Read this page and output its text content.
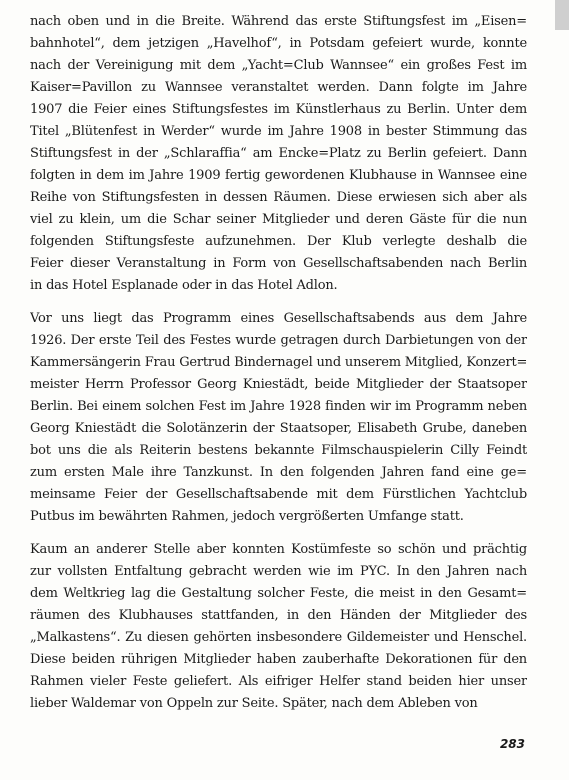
nach oben und in die Breite. Während das erste Stiftungsfest im „Eisen=
bahnhotel“, dem jetzigen „Havelhof“, in Potsdam gefeiert wurde, konnte
nach der Vereinigung mit dem „Yacht=Club Wannsee“ ein großes Fest im
Kaiser=Pavillon zu Wannsee veranstaltet werden. Dann folgte im Jahre
1907 die Feier eines Stiftungsfestes im Künstlerhaus zu Berlin. Unter dem
Titel „Blütenfest in Werder“ wurde im Jahre 1908 in bester Stimmung das
Stiftungsfest in der „Schlaraffia“ am Encke=Platz zu Berlin gefeiert. Dann
folgten in dem im Jahre 1909 fertig gewordenen Klubhause in Wannsee eine
Reihe von Stiftungsfesten in dessen Räumen. Diese erwiesen sich aber als
viel zu klein, um die Schar seiner Mitglieder und deren Gäste für die nun
folgenden Stiftungsfeste aufzunehmen. Der Klub verlegte deshalb die
Feier dieser Veranstaltung in Form von Gesellschaftsabenden nach Berlin
in das Hotel Esplanade oder in das Hotel Adlon.
Vor uns liegt das Programm eines Gesellschaftsabends aus dem Jahre
1926. Der erste Teil des Festes wurde getragen durch Darbietungen von der
Kammersängerin Frau Gertrud Bindernagel und unserem Mitglied, Konzert=
meister Herrn Professor Georg Kniestädt, beide Mitglieder der Staatsoper
Berlin. Bei einem solchen Fest im Jahre 1928 finden wir im Programm neben
Georg Kniestädt die Solotänzerin der Staatsoper, Elisabeth Grube, daneben
bot uns die als Reiterin bestens bekannte Filmschauspielerin Cilly Feindt
zum ersten Male ihre Tanzkunst. In den folgenden Jahren fand eine ge=
meinsame Feier der Gesellschaftsabende mit dem Fürstlichen Yachtclub
Putbus im bewährten Rahmen, jedoch vergrößerten Umfange statt.
Kaum an anderer Stelle aber konnten Kostümfeste so schön und prächtig
zur vollsten Entfaltung gebracht werden wie im PYC. In den Jahren nach
dem Weltkrieg lag die Gestaltung solcher Feste, die meist in den Gesamt=
räumen des Klubhauses stattfanden, in den Händen der Mitglieder des
„Malkastens“. Zu diesen gehörten insbesondere Gildemeister und Henschel.
Diese beiden rührigen Mitglieder haben zauberhafte Dekorationen für den
Rahmen vieler Feste geliefert. Als eifriger Helfer stand beiden hier unser
lieber Waldemar von Oppeln zur Seite. Später, nach dem Ableben von
283
